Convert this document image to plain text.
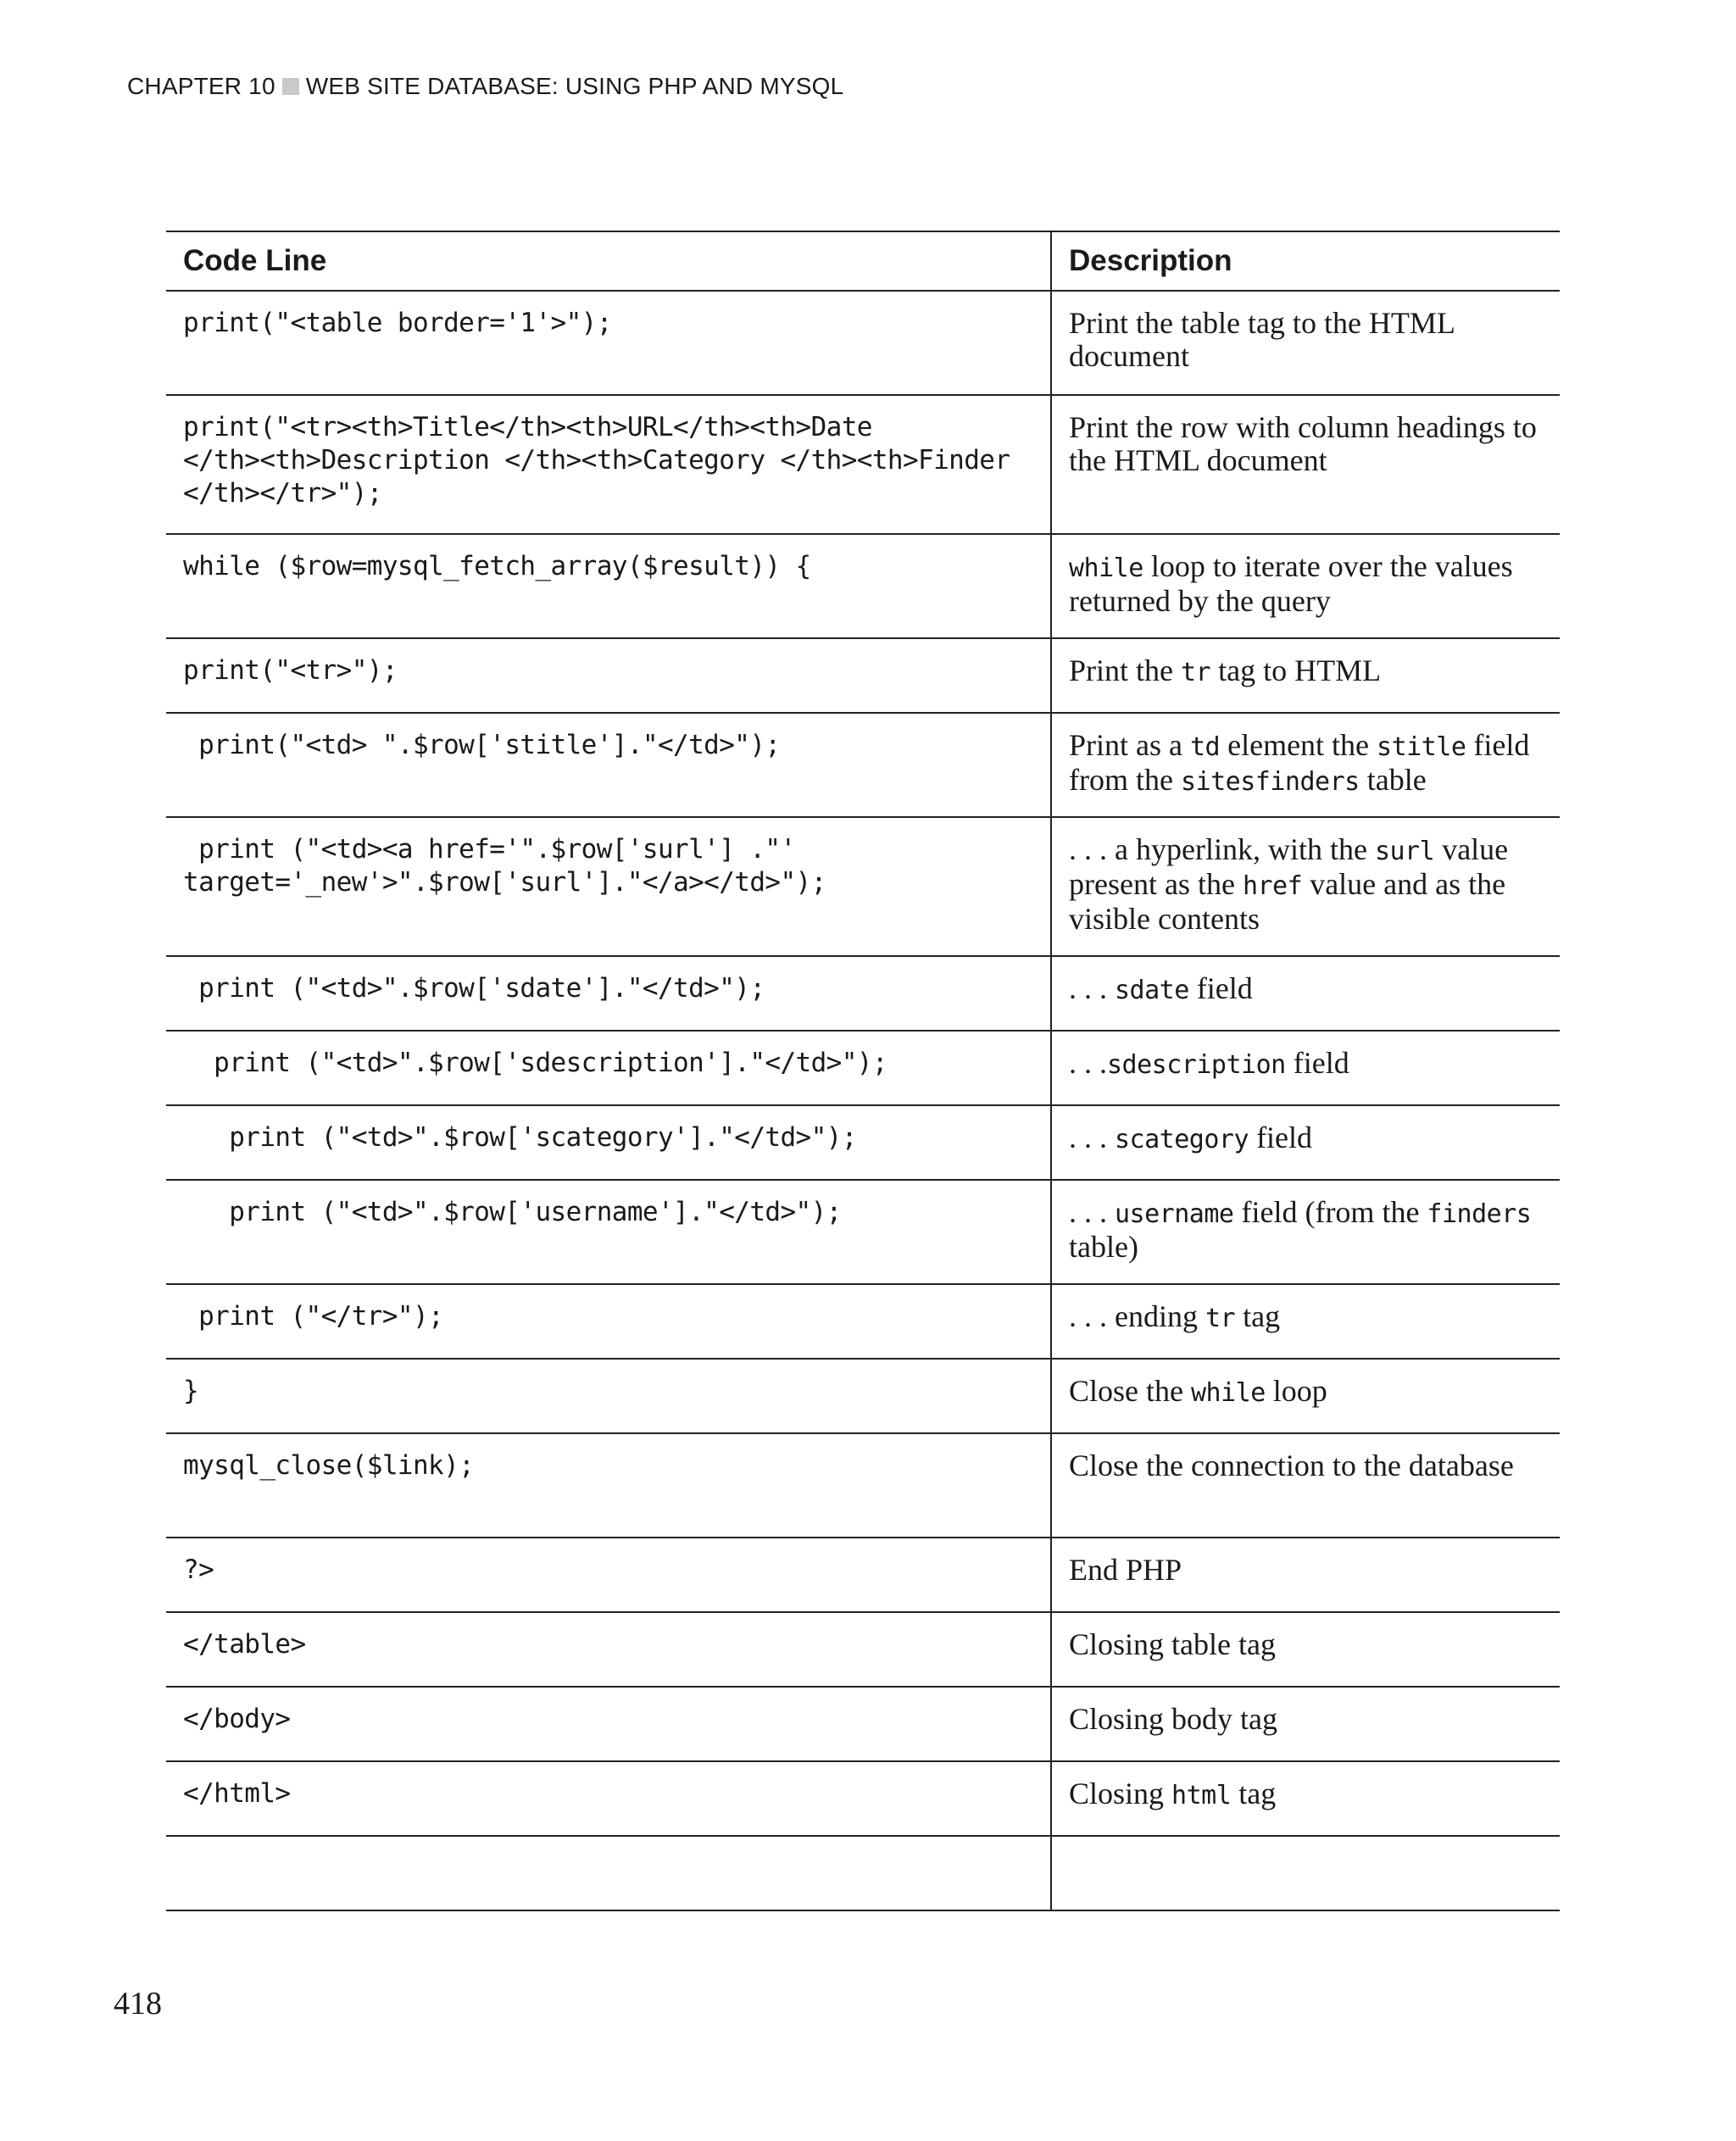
CHAPTER 10 WEB SITE DATABASE: USING PHP AND MYSQL
Code Line	Description
print("<table border='1'>");	Print the table tag to the HTML document
print("<tr><th>Title</th><th>URL</th><th>Date
</th><th>Description </th><th>Category </th><th>Finder
</th></tr>");	Print the row with column headings to the HTML document
while ($row=mysql_fetch_array($result)) {	while loop to iterate over the values returned by the query
print("<tr>");	Print the tr tag to HTML
print("<td> ".$row['stitle']."</td>");	Print as a td element the stitle field from the sitesfinders table
print ("<td><a href='".$row['surl'] ."'
target='_new'>".$row['surl']."</a></td>");	. . . a hyperlink, with the surl value present as the href value and as the visible contents
print ("<td>".$row['sdate']."</td>");	. . . sdate field
print ("<td>".$row['sdescription']."</td>");	. . .sdescription field
print ("<td>".$row['scategory']."</td>");	. . . scategory field
print ("<td>".$row['username']."</td>");	. . . username field (from the finders table)
print ("</tr>");	. . . ending tr tag
}	Close the while loop
mysql_close($link);	Close the connection to the database
?>	End PHP
</table>	Closing table tag
</body>	Closing body tag
</html>	Closing html tag

418
